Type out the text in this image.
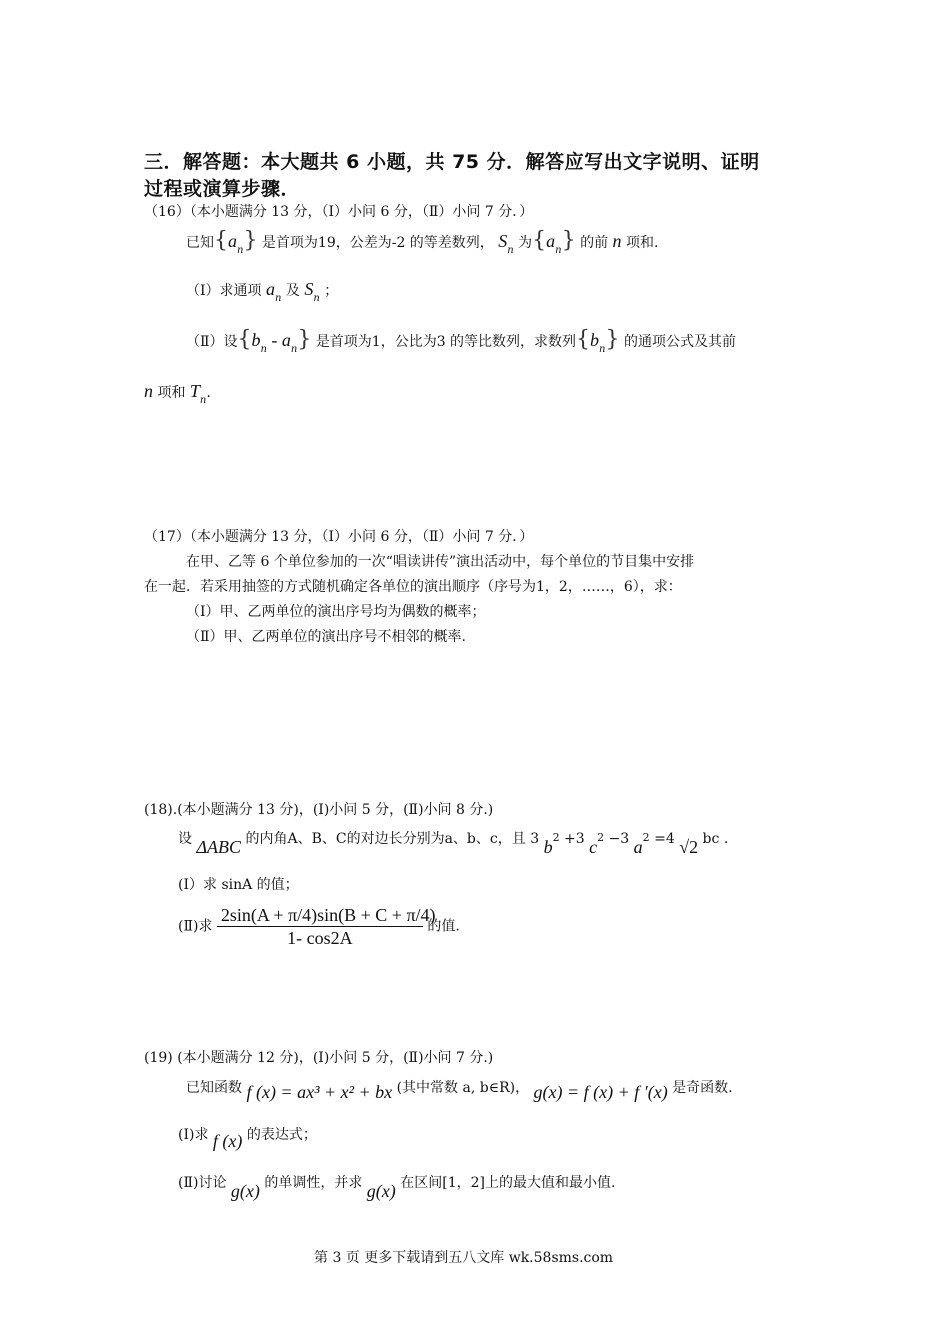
三．解答题：本大题共 6 小题，共 75 分．解答应写出文字说明、证明
过程或演算步骤．
（16）（本小题满分 13 分，（Ⅰ）小问 6 分，（Ⅱ）小问 7 分．）
已知$\{a_n\}$ 是首项为19，公差为-2 的等差数列， $S_n$ 为$\{a_n\}$ 的前 n 项和.
（Ⅰ）求通项 $a_n$ 及 $S_n$ ；
（Ⅱ）设$\{b_n - a_n\}$ 是首项为1，公比为3 的等比数列，求数列$\{b_n\}$ 的通项公式及其前
n 项和 $T_n$.
（17）（本小题满分 13 分，（Ⅰ）小问 6 分，（Ⅱ）小问 7 分．）
在甲、乙等 6 个单位参加的一次“唱读讲传”演出活动中，每个单位的节目集中安排
在一起．若采用抽签的方式随机确定各单位的演出顺序（序号为1，2，……，6），求：
（Ⅰ）甲、乙两单位的演出序号均为偶数的概率；
（Ⅱ）甲、乙两单位的演出序号不相邻的概率.
(18).(本小题满分 13 分)，(Ⅰ)小问 5 分，(Ⅱ)小问 8 分.)
设 ΔABC 的内角A、B、C的对边长分别为a、b、c，且 3 b2 +3 c2 −3 a2 =4 √2 bc .
(Ⅰ）求 sinA 的值；
(Ⅱ)求 $\frac{2\sin(A + \pi/4)\sin(B + C + \pi/4)}{1- \cos 2A}$ 的值.
(19) (本小题满分 12 分)，(Ⅰ)小问 5 分，(Ⅱ)小问 7 分.)
已知函数 f (x) = ax³ + x² + bx (其中常数 a, b∈R)， g(x) = f (x) + f ′(x) 是奇函数.
(Ⅰ)求 f (x) 的表达式；
(Ⅱ)讨论 g(x) 的单调性，并求 g(x) 在区间[1，2]上的最大值和最小值.
第 3 页 更多下载请到五八文库 wk.58sms.com
